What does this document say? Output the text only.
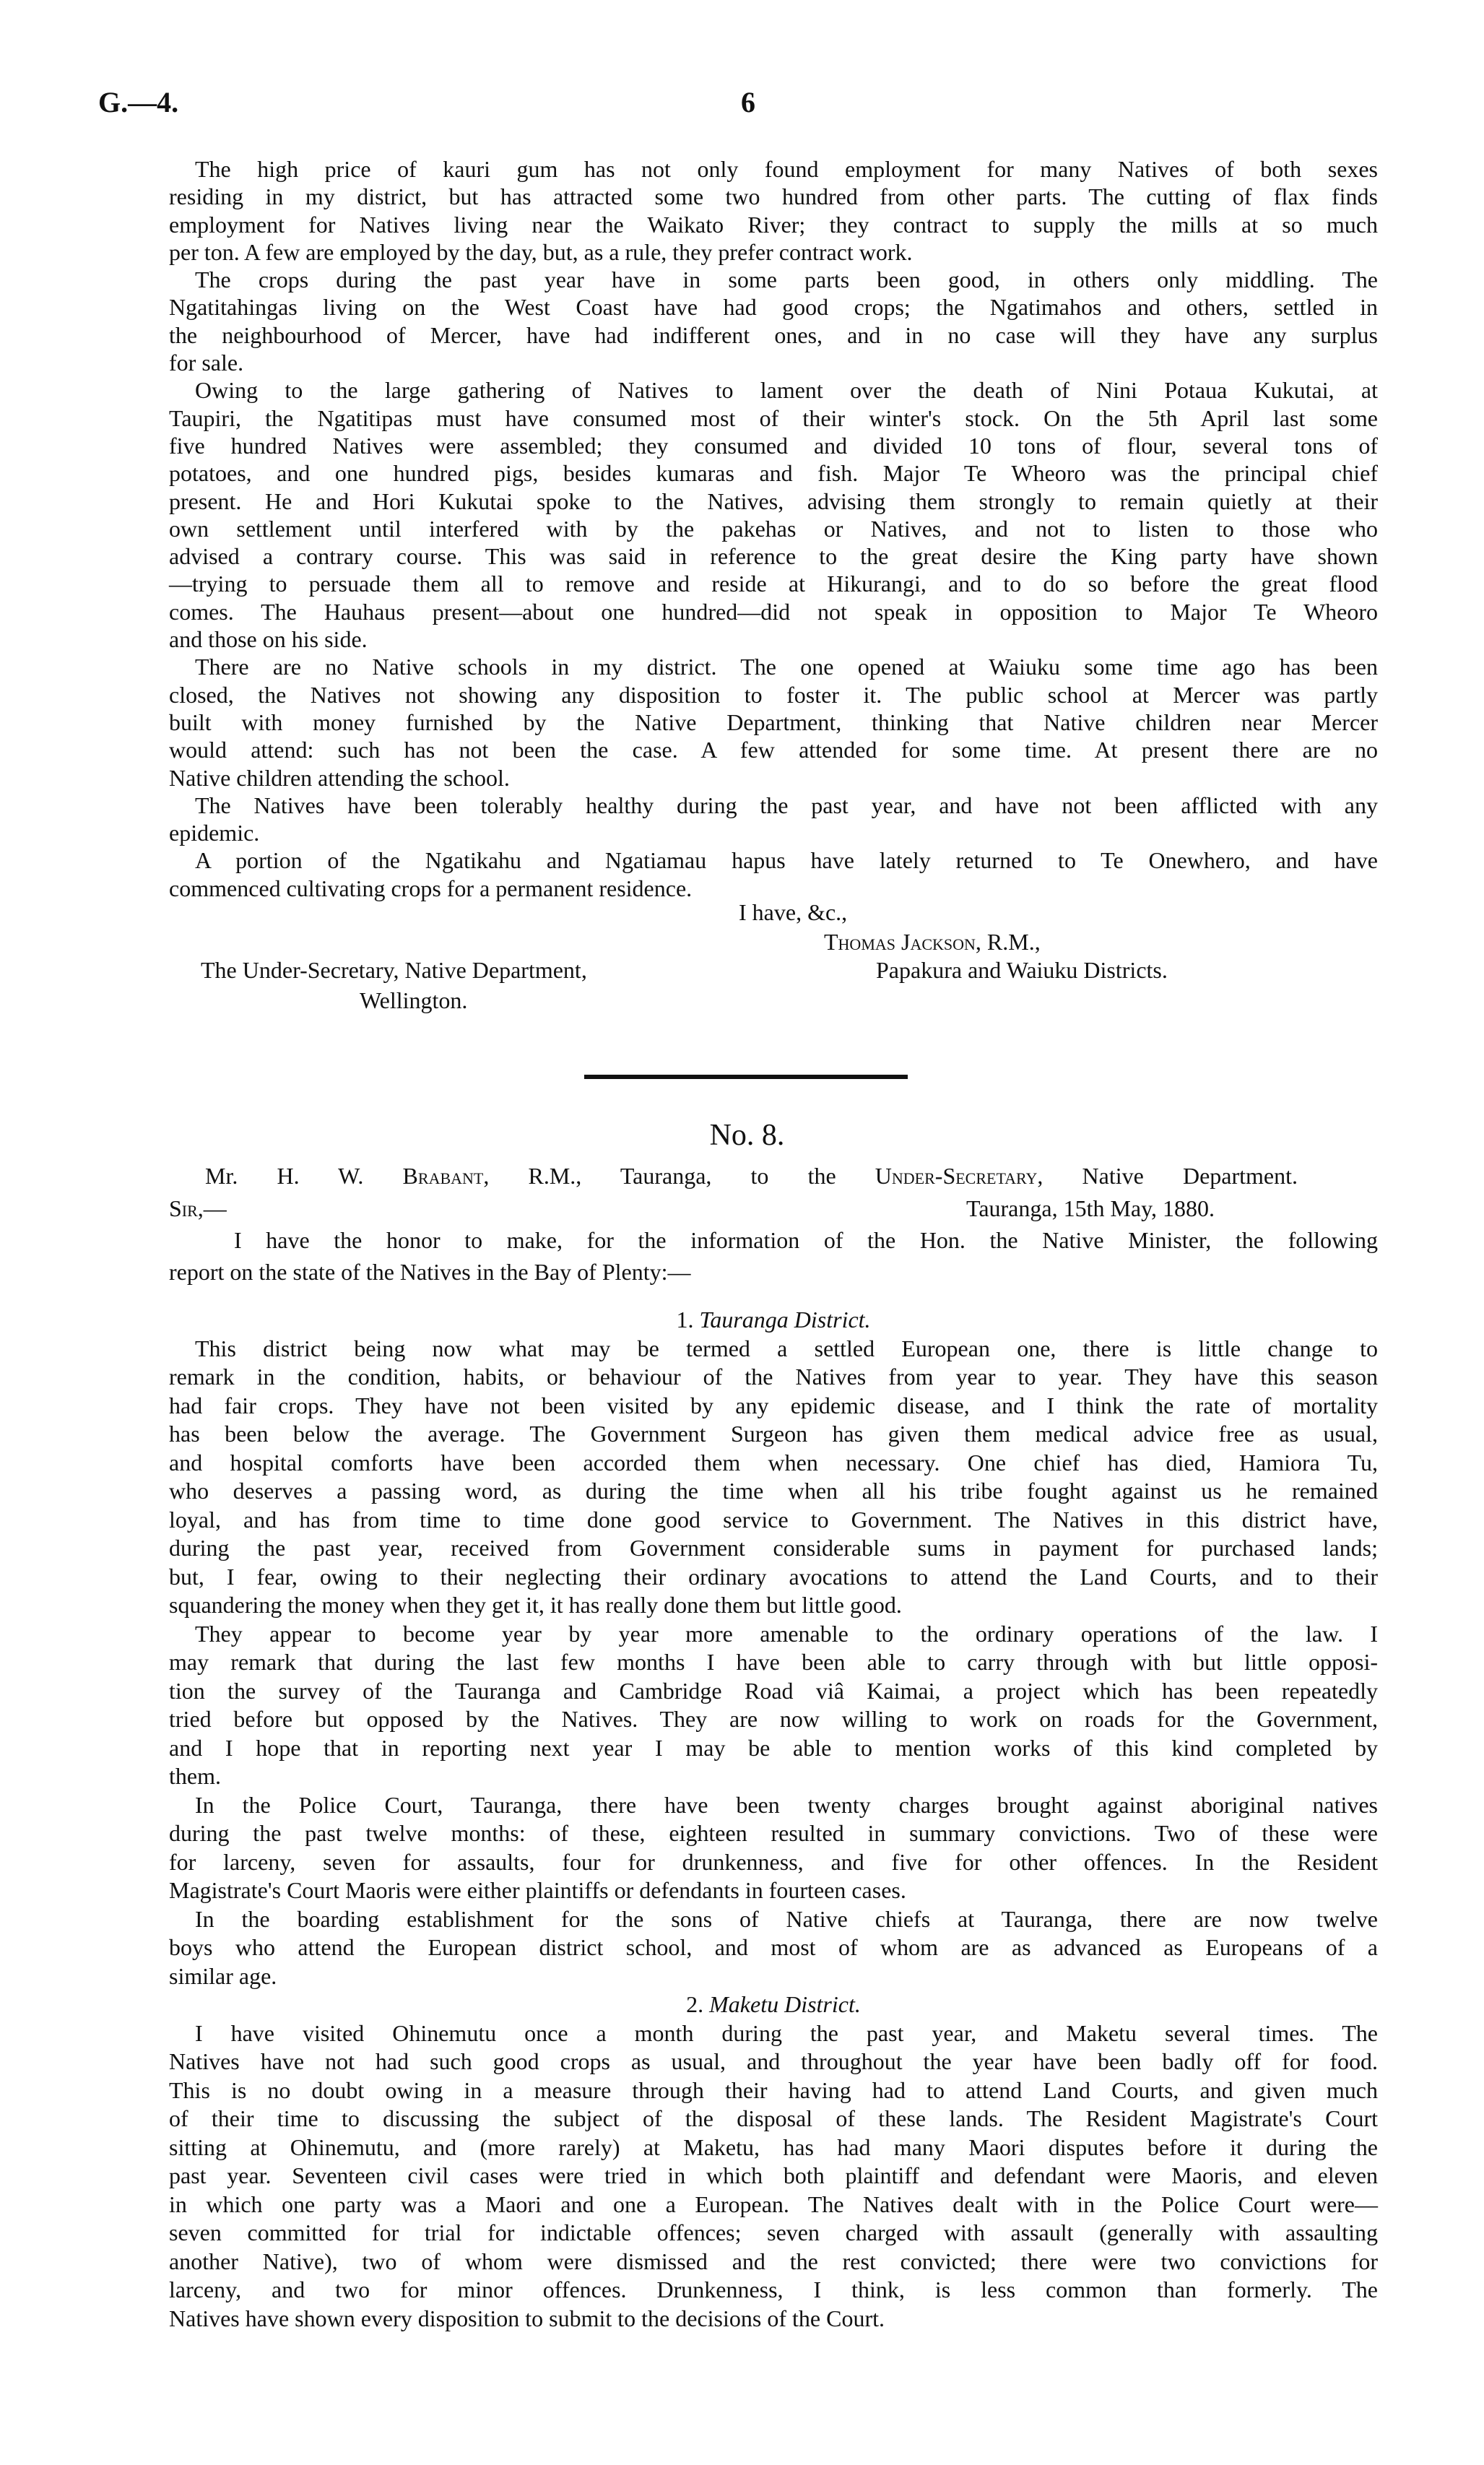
G.—4.	6
The high price of kauri gum has not only found employment for many Natives of both sexes
residing in my district, but has attracted some two hundred from other parts. The cutting of flax finds
employment for Natives living near the Waikato River; they contract to supply the mills at so much
per ton. A few are employed by the day, but, as a rule, they prefer contract work.
The crops during the past year have in some parts been good, in others only middling. The
Ngatitahingas living on the West Coast have had good crops; the Ngatimahos and others, settled in
the neighbourhood of Mercer, have had indifferent ones, and in no case will they have any surplus
for sale.
Owing to the large gathering of Natives to lament over the death of Nini Potaua Kukutai, at
Taupiri, the Ngatitipas must have consumed most of their winter's stock. On the 5th April last some
five hundred Natives were assembled; they consumed and divided 10 tons of flour, several tons of
potatoes, and one hundred pigs, besides kumaras and fish. Major Te Wheoro was the principal chief
present. He and Hori Kukutai spoke to the Natives, advising them strongly to remain quietly at their
own settlement until interfered with by the pakehas or Natives, and not to listen to those who
advised a contrary course. This was said in reference to the great desire the King party have shown
—trying to persuade them all to remove and reside at Hikurangi, and to do so before the great flood
comes. The Hauhaus present—about one hundred—did not speak in opposition to Major Te Wheoro
and those on his side.
There are no Native schools in my district. The one opened at Waiuku some time ago has been
closed, the Natives not showing any disposition to foster it. The public school at Mercer was partly
built with money furnished by the Native Department, thinking that Native children near Mercer
would attend: such has not been the case. A few attended for some time. At present there are no
Native children attending the school.
The Natives have been tolerably healthy during the past year, and have not been afflicted with any
epidemic.
A portion of the Ngatikahu and Ngatiamau hapus have lately returned to Te Onewhero, and have
commenced cultivating crops for a permanent residence.
I have, &c.,
Thomas Jackson, R.M.,
The Under-Secretary, Native Department,	Papakura and Waiuku Districts.
Wellington.
No. 8.
Mr. H. W. Brabant, R.M., Tauranga, to the Under-Secretary, Native Department.
Sir,—	Tauranga, 15th May, 1880.
I have the honor to make, for the information of the Hon. the Native Minister, the following
report on the state of the Natives in the Bay of Plenty:—
1. Tauranga District.
This district being now what may be termed a settled European one, there is little change to
remark in the condition, habits, or behaviour of the Natives from year to year. They have this season
had fair crops. They have not been visited by any epidemic disease, and I think the rate of mortality
has been below the average. The Government Surgeon has given them medical advice free as usual,
and hospital comforts have been accorded them when necessary. One chief has died, Hamiora Tu,
who deserves a passing word, as during the time when all his tribe fought against us he remained
loyal, and has from time to time done good service to Government. The Natives in this district have,
during the past year, received from Government considerable sums in payment for purchased lands;
but, I fear, owing to their neglecting their ordinary avocations to attend the Land Courts, and to their
squandering the money when they get it, it has really done them but little good.
They appear to become year by year more amenable to the ordinary operations of the law. I
may remark that during the last few months I have been able to carry through with but little opposi-
tion the survey of the Tauranga and Cambridge Road viâ Kaimai, a project which has been repeatedly
tried before but opposed by the Natives. They are now willing to work on roads for the Government,
and I hope that in reporting next year I may be able to mention works of this kind completed by
them.
In the Police Court, Tauranga, there have been twenty charges brought against aboriginal natives
during the past twelve months: of these, eighteen resulted in summary convictions. Two of these were
for larceny, seven for assaults, four for drunkenness, and five for other offences. In the Resident
Magistrate's Court Maoris were either plaintiffs or defendants in fourteen cases.
In the boarding establishment for the sons of Native chiefs at Tauranga, there are now twelve
boys who attend the European district school, and most of whom are as advanced as Europeans of a
similar age.
2. Maketu District.
I have visited Ohinemutu once a month during the past year, and Maketu several times. The
Natives have not had such good crops as usual, and throughout the year have been badly off for food.
This is no doubt owing in a measure through their having had to attend Land Courts, and given much
of their time to discussing the subject of the disposal of these lands. The Resident Magistrate's Court
sitting at Ohinemutu, and (more rarely) at Maketu, has had many Maori disputes before it during the
past year. Seventeen civil cases were tried in which both plaintiff and defendant were Maoris, and eleven
in which one party was a Maori and one a European. The Natives dealt with in the Police Court were—
seven committed for trial for indictable offences; seven charged with assault (generally with assaulting
another Native), two of whom were dismissed and the rest convicted; there were two convictions for
larceny, and two for minor offences. Drunkenness, I think, is less common than formerly. The
Natives have shown every disposition to submit to the decisions of the Court.
